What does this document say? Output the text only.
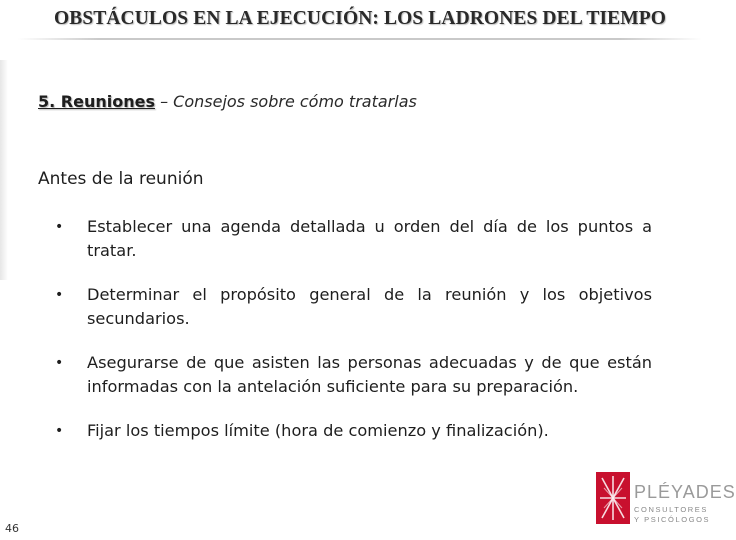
OBSTÁCULOS EN LA EJECUCIÓN: LOS LADRONES DEL TIEMPO
5. Reuniones – Consejos sobre cómo tratarlas
Antes de la reunión
• Establecer una agenda detallada u orden del día de los puntos a tratar.
• Determinar el propósito general de la reunión y los objetivos secundarios.
• Asegurarse de que asisten las personas adecuadas y de que están informadas con la antelación suficiente para su preparación.
• Fijar los tiempos límite (hora de comienzo y finalización).
46
PLÉYADES
CONSULTORES
Y PSICÓLOGOS
